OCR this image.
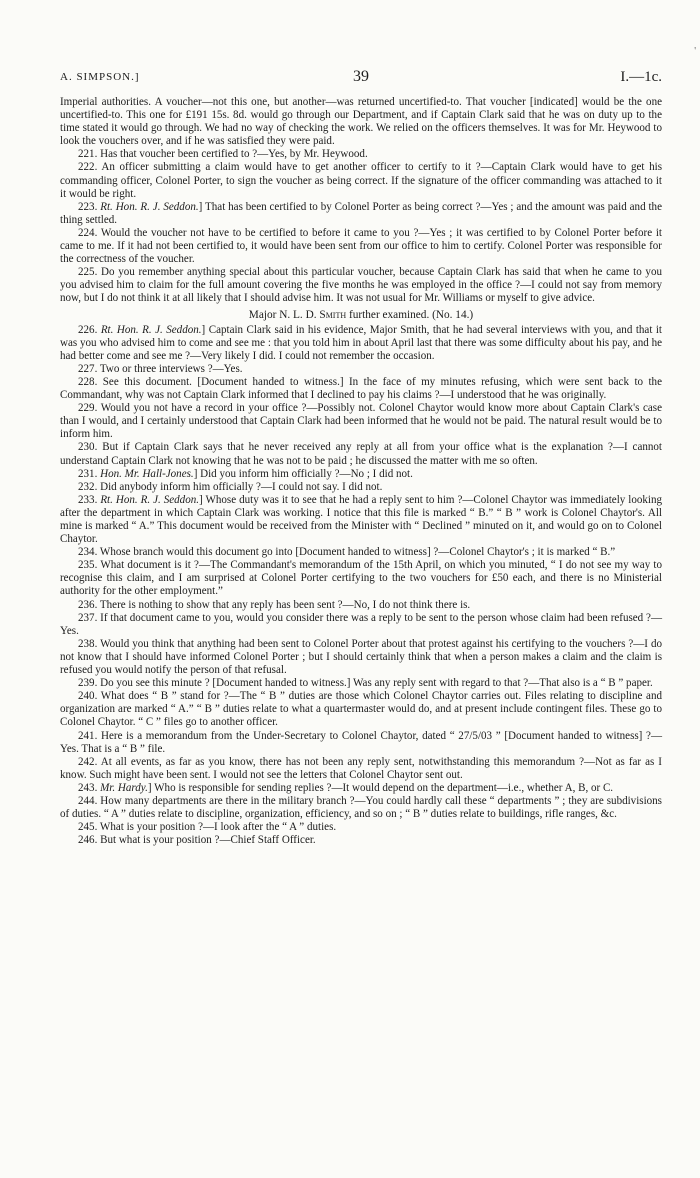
'
A. SIMPSON.]	39	I.—1c.

Imperial authorities. A voucher—not this one, but another—was returned uncertified-to. That voucher [indicated] would be the one uncertified-to. This one for £191 15s. 8d. would go through our Department, and if Captain Clark said that he was on duty up to the time stated it would go through. We had no way of checking the work. We relied on the officers themselves. It was for Mr. Heywood to look the vouchers over, and if he was satisfied they were paid.

221. Has that voucher been certified to ?—Yes, by Mr. Heywood.

222. An officer submitting a claim would have to get another officer to certify to it ?—Captain Clark would have to get his commanding officer, Colonel Porter, to sign the voucher as being correct. If the signature of the officer commanding was attached to it it would be right.

223. Rt. Hon. R. J. Seddon.] That has been certified to by Colonel Porter as being correct ?—Yes ; and the amount was paid and the thing settled.

224. Would the voucher not have to be certified to before it came to you ?—Yes ; it was certified to by Colonel Porter before it came to me. If it had not been certified to, it would have been sent from our office to him to certify. Colonel Porter was responsible for the correctness of the voucher.

225. Do you remember anything special about this particular voucher, because Captain Clark has said that when he came to you you advised him to claim for the full amount covering the five months he was employed in the office ?—I could not say from memory now, but I do not think it at all likely that I should advise him. It was not usual for Mr. Williams or myself to give advice.

Major N. L. D. Smith further examined. (No. 14.)

226. Rt. Hon. R. J. Seddon.] Captain Clark said in his evidence, Major Smith, that he had several interviews with you, and that it was you who advised him to come and see me : that you told him in about April last that there was some difficulty about his pay, and he had better come and see me ?—Very likely I did. I could not remember the occasion.

227. Two or three interviews ?—Yes.

228. See this document. [Document handed to witness.] In the face of my minutes refusing, which were sent back to the Commandant, why was not Captain Clark informed that I declined to pay his claims ?—I understood that he was originally.

229. Would you not have a record in your office ?—Possibly not. Colonel Chaytor would know more about Captain Clark's case than I would, and I certainly understood that Captain Clark had been informed that he would not be paid. The natural result would be to inform him.

230. But if Captain Clark says that he never received any reply at all from your office what is the explanation ?—I cannot understand Captain Clark not knowing that he was not to be paid ; he discussed the matter with me so often.

231. Hon. Mr. Hall-Jones.] Did you inform him officially ?—No ; I did not.

232. Did anybody inform him officially ?—I could not say. I did not.

233. Rt. Hon. R. J. Seddon.] Whose duty was it to see that he had a reply sent to him ?—Colonel Chaytor was immediately looking after the department in which Captain Clark was working. I notice that this file is marked “ B.” “ B ” work is Colonel Chaytor's. All mine is marked “ A.” This document would be received from the Minister with “ Declined ” minuted on it, and would go on to Colonel Chaytor.

234. Whose branch would this document go into [Document handed to witness] ?—Colonel Chaytor's ; it is marked “ B.”

235. What document is it ?—The Commandant's memorandum of the 15th April, on which you minuted, “ I do not see my way to recognise this claim, and I am surprised at Colonel Porter certifying to the two vouchers for £50 each, and there is no Ministerial authority for the other employment.”

236. There is nothing to show that any reply has been sent ?—No, I do not think there is.

237. If that document came to you, would you consider there was a reply to be sent to the person whose claim had been refused ?—Yes.

238. Would you think that anything had been sent to Colonel Porter about that protest against his certifying to the vouchers ?—I do not know that I should have informed Colonel Porter ; but I should certainly think that when a person makes a claim and the claim is refused you would notify the person of that refusal.

239. Do you see this minute ? [Document handed to witness.] Was any reply sent with regard to that ?—That also is a “ B ” paper.

240. What does “ B ” stand for ?—The “ B ” duties are those which Colonel Chaytor carries out. Files relating to discipline and organization are marked “ A.” “ B ” duties relate to what a quartermaster would do, and at present include contingent files. These go to Colonel Chaytor. “ C ” files go to another officer.

241. Here is a memorandum from the Under-Secretary to Colonel Chaytor, dated “ 27/5/03 ” [Document handed to witness] ?—Yes. That is a “ B ” file.

242. At all events, as far as you know, there has not been any reply sent, notwithstanding this memorandum ?—Not as far as I know. Such might have been sent. I would not see the letters that Colonel Chaytor sent out.

243. Mr. Hardy.] Who is responsible for sending replies ?—It would depend on the department—i.e., whether A, B, or C.

244. How many departments are there in the military branch ?—You could hardly call these “ departments ” ; they are subdivisions of duties. “ A ” duties relate to discipline, organization, efficiency, and so on ; “ B ” duties relate to buildings, rifle ranges, &c.

245. What is your position ?—I look after the “ A ” duties.

246. But what is your position ?—Chief Staff Officer.
